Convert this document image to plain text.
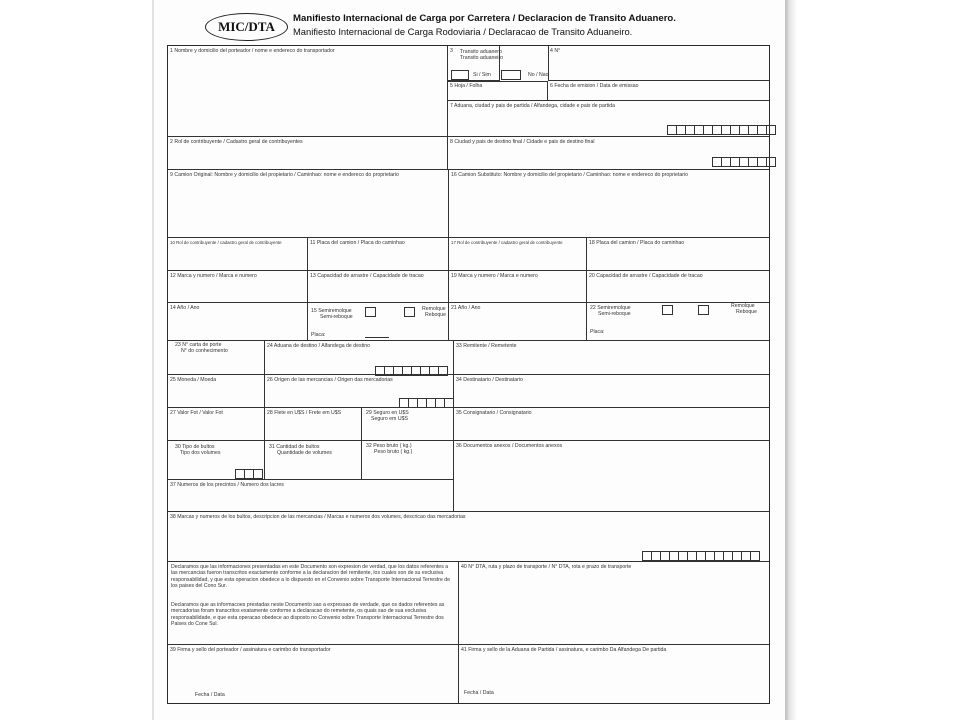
MIC/DTA
Manifiesto Internacional de Carga por Carretera / Declaracion de Transito Aduanero.
Manifiesto Internacional de Carga Rodoviaria / Declaracao de Transito Aduaneiro.
1 Nombre y domicilio del porteador / nome e endereco do transportador
2 Rol de contribuyente / Cadastro geral de contribuyentes
3	Transito aduanero
Transito aduaneiro
Si / Sim	No / Nao
4 N°
5 Hoja / Folha	6 Fecha de emision / Data de emissao
7 Aduana, ciudad y pais de partida / Alfandega, cidade e pais de partida
8 Ciudad y pais de destino final / Cidade e pais de destino final
9 Camion Original: Nombre y domicilio del propietario / Caminhao: nome e endereco do proprietario	16 Camion Substituto: Nombre y domicilio del propietario / Caminhao: nome e endereco do proprietario
10 Rol de contribuyente / cadastro geral de contribuyente	11 Placa del camion / Placa do caminhao	17 Rol de contribuyente / cadastro geral de contribuyente	18 Placa del camion / Placa do caminhao
12 Marca y numero / Marca e numero	13 Capacidad de arrastre / Capacidade de tracao	19 Marca y numero / Marca e numero	20 Capacidad de arrastre / Capacidade de tracao
14 Año / Ano	15 Semiremolque
Semi-reboque
Remolque
Reboque
Placa:
21 Año / Ano	22 Semiremolque
Semi-reboque
Remolque
Reboque
Placa:
23 N° carta de porte
N° do conhecimento
24 Aduana de destino / Alfandega de destino	33 Remitente / Remetente
25 Moneda / Moeda	26 Origen de las mercancias / Origen das mercadorias	34 Destinatario / Destinatario
27 Valor Fot / Valor Fot	28 Flete en U$S / Frete em U$S	29 Seguro en U$S
Seguro em U$S
35 Consignatario / Consignatario
30 Tipo de bultos
Tipo dos volumes
31 Cantidad de bultos
Quantidade de volumes
32 Peso bruto ( kg.)
Peso bruto ( kg.)
36 Documentos anexos / Documentos anexos
37 Numeros de los precintos / Numero dos lacres
38 Marcas y numeros de los bultos, descripcion de las mercancias / Marcas e numeros dos volumes, descricao das mercadorias
Declaramos que las informaciones presentadas en este Documento son expresion de verdad, que los datos referentes a las mercancias fueron transcritos exactamente conforme a la declaracion del remitente, los cuales son de su exclusiva responsabilidad, y que esta operacion obedece a lo dispuesto en el Convenio sobre Transporte Internacional Terrestre de los paises del Cono Sur.
Declaramos que as informacoes prestadas neste Documento sao a expressao de verdade, que os dados referentes as mercadorias foram transcritos exatamente conforme a declaracao do remetente, os quais sao de sua exclusiva responsabilidade, e que esta operacao obedece ao disposto no Convenio sobre Transporte Internacional Terrestre dos Paises do Cone Sul.
40 N° DTA, ruta y plazo de transporte / N° DTA, rota e prazo de transporte
39 Firma y sello del porteador / assinatura e carimbo do transportador
Fecha / Data
41 Firma y sello de la Aduana de Partida / assinatura, e carimbo Da Alfandega De partida
Fecha / Data
